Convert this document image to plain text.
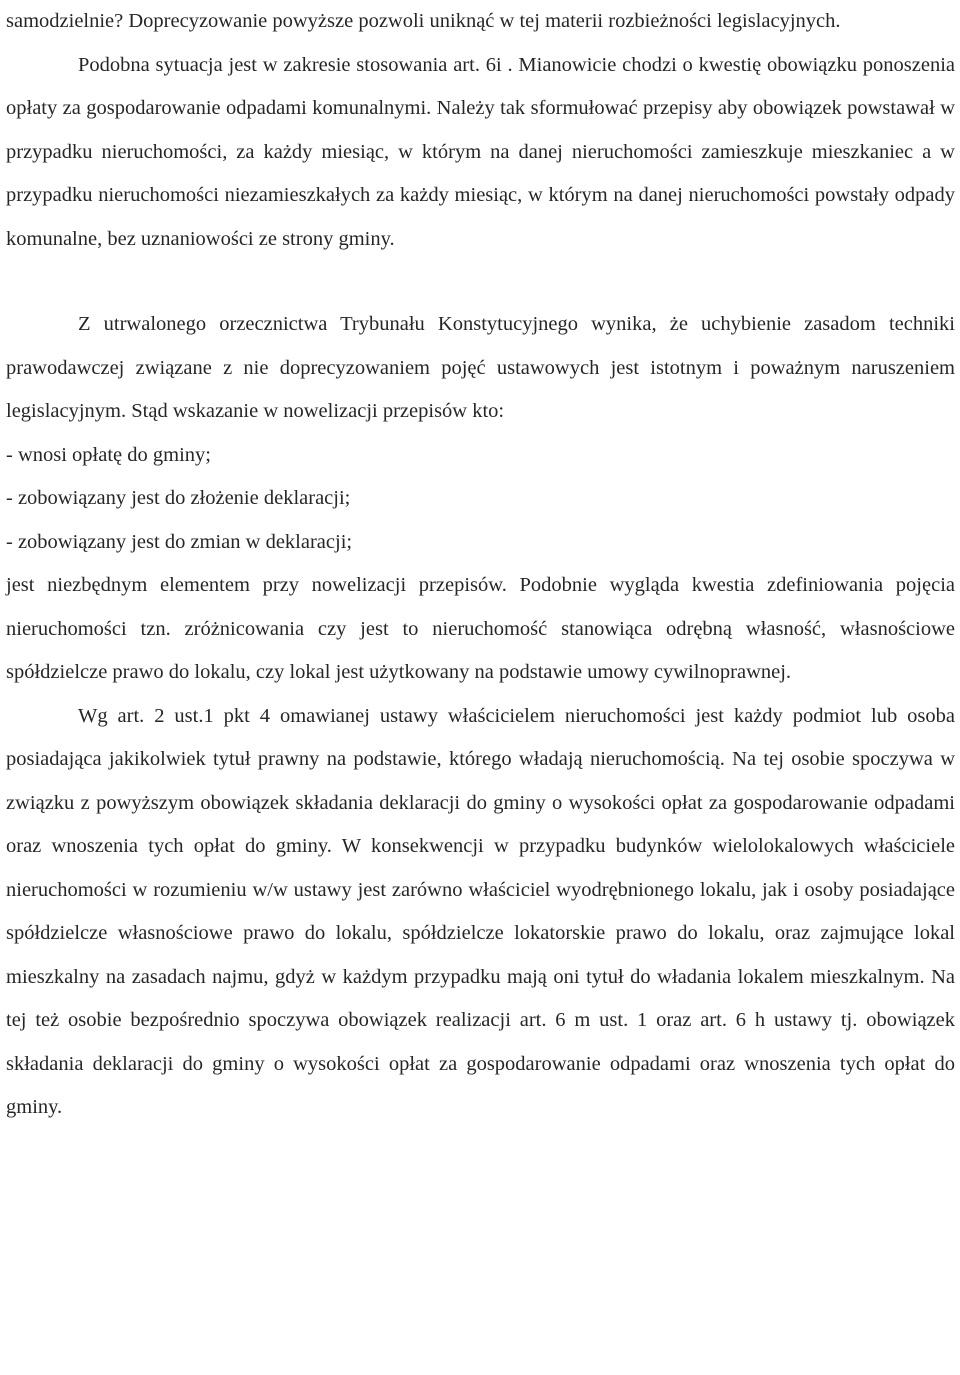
samodzielnie? Doprecyzowanie powyższe pozwoli uniknąć w tej materii rozbieżności legislacyjnych.

Podobna sytuacja jest w zakresie stosowania art. 6i . Mianowicie chodzi o kwestię obowiązku ponoszenia opłaty za gospodarowanie odpadami komunalnymi. Należy tak sformułować przepisy aby obowiązek powstawał w przypadku nieruchomości, za każdy miesiąc, w którym na danej nieruchomości zamieszkuje mieszkaniec a w przypadku nieruchomości niezamieszkałych za każdy miesiąc, w którym na danej nieruchomości powstały odpady komunalne, bez uznaniowości ze strony gminy.

Z utrwalonego orzecznictwa Trybunału Konstytucyjnego wynika, że uchybienie zasadom techniki prawodawczej związane z nie doprecyzowaniem pojęć ustawowych jest istotnym i poważnym naruszeniem legislacyjnym. Stąd wskazanie w nowelizacji przepisów kto:

- wnosi opłatę do gminy;

- zobowiązany jest do złożenie deklaracji;

- zobowiązany jest do zmian w deklaracji;

jest niezbędnym elementem przy nowelizacji przepisów. Podobnie wygląda kwestia zdefiniowania pojęcia nieruchomości tzn. zróżnicowania czy jest to nieruchomość stanowiąca odrębną własność, własnościowe spółdzielcze prawo do lokalu, czy lokal jest użytkowany na podstawie umowy cywilnoprawnej.

Wg art. 2 ust.1 pkt 4 omawianej ustawy właścicielem nieruchomości jest każdy podmiot lub osoba posiadająca jakikolwiek tytuł prawny na podstawie, którego władają nieruchomością. Na tej osobie spoczywa w związku z powyższym obowiązek składania deklaracji do gminy o wysokości opłat za gospodarowanie odpadami oraz wnoszenia tych opłat do gminy. W konsekwencji w przypadku budynków wielolokalowych właściciele nieruchomości w rozumieniu w/w ustawy jest zarówno właściciel wyodrębnionego lokalu, jak i osoby posiadające spółdzielcze własnościowe prawo do lokalu, spółdzielcze lokatorskie prawo do lokalu, oraz zajmujące lokal mieszkalny na zasadach najmu, gdyż w każdym przypadku mają oni tytuł do władania lokalem mieszkalnym. Na tej też osobie bezpośrednio spoczywa obowiązek realizacji art. 6 m ust. 1 oraz art. 6 h ustawy tj. obowiązek składania deklaracji do gminy o wysokości opłat za gospodarowanie odpadami oraz wnoszenia tych opłat do gminy.
